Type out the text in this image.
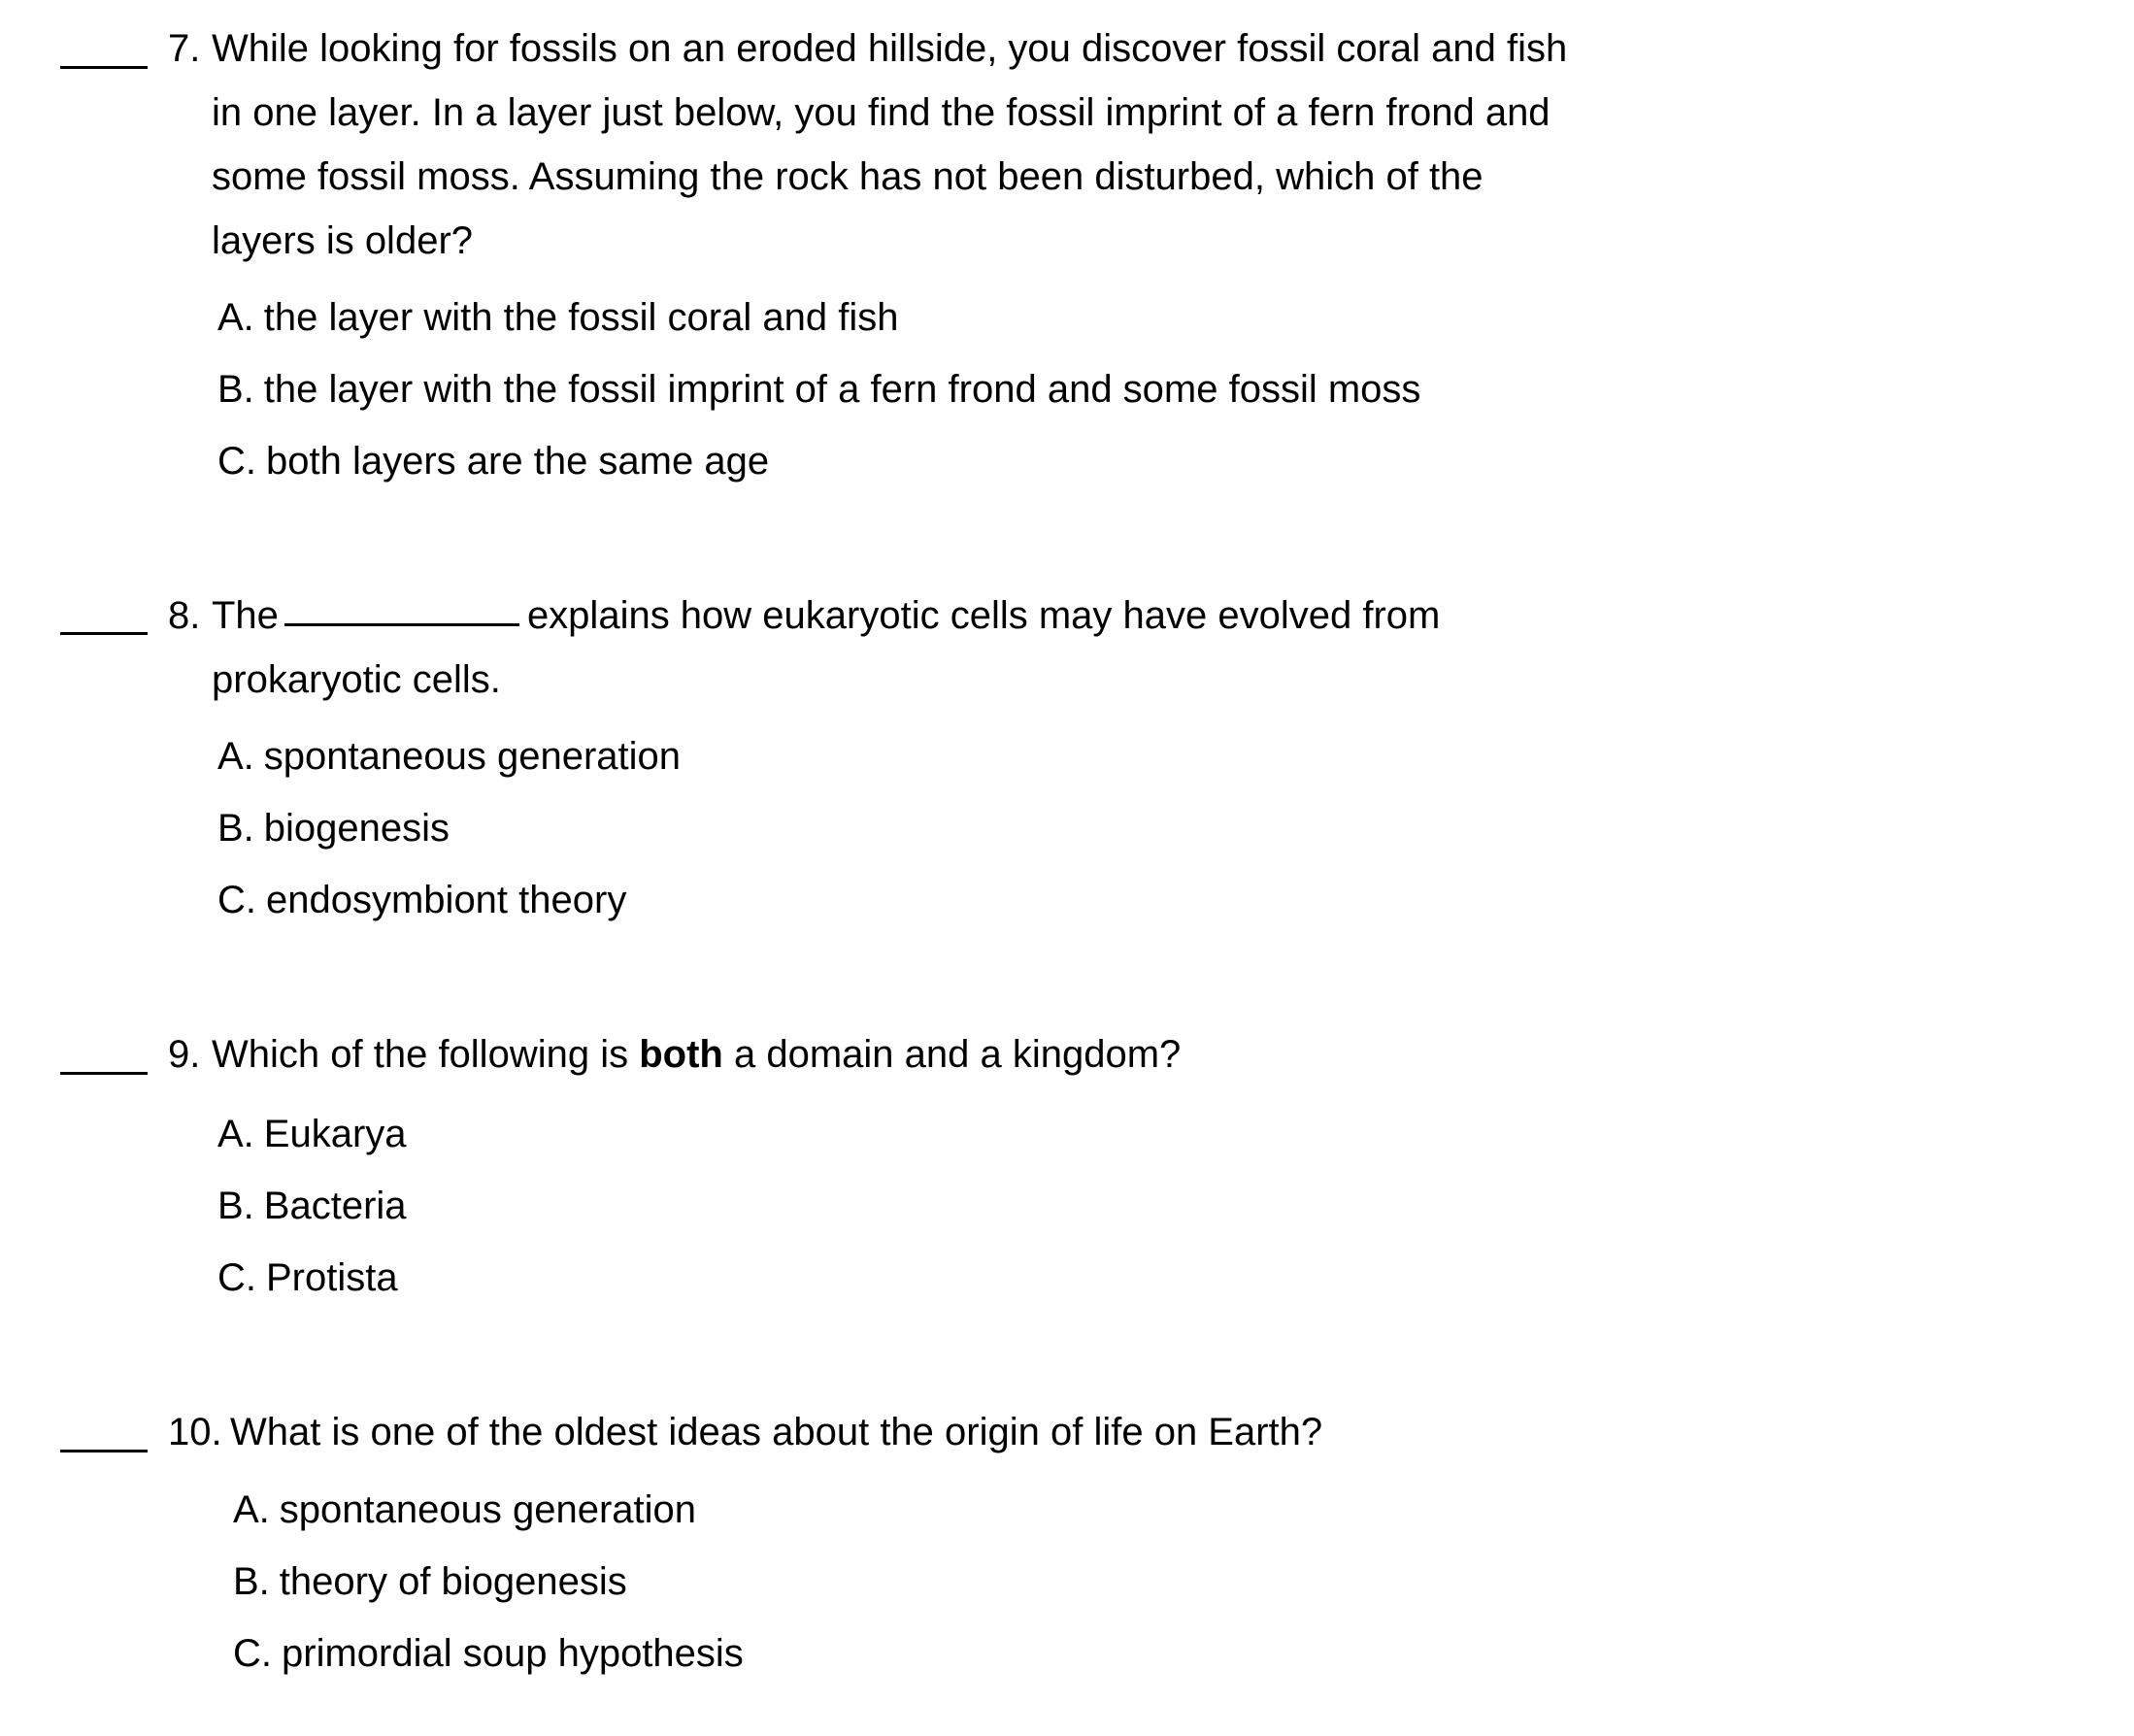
7. While looking for fossils on an eroded hillside, you discover fossil coral and fish
in one layer. In a layer just below, you find the fossil imprint of a fern frond and
some fossil moss. Assuming the rock has not been disturbed, which of the
layers is older?
A. the layer with the fossil coral and fish
B. the layer with the fossil imprint of a fern frond and some fossil moss
C. both layers are the same age
8. The	explains how eukaryotic cells may have evolved from
prokaryotic cells.
A. spontaneous generation
B. biogenesis
C. endosymbiont theory
9. Which of the following is both a domain and a kingdom?
A. Eukarya
B. Bacteria
C. Protista
10. What is one of the oldest ideas about the origin of life on Earth?
A. spontaneous generation
B. theory of biogenesis
C. primordial soup hypothesis
